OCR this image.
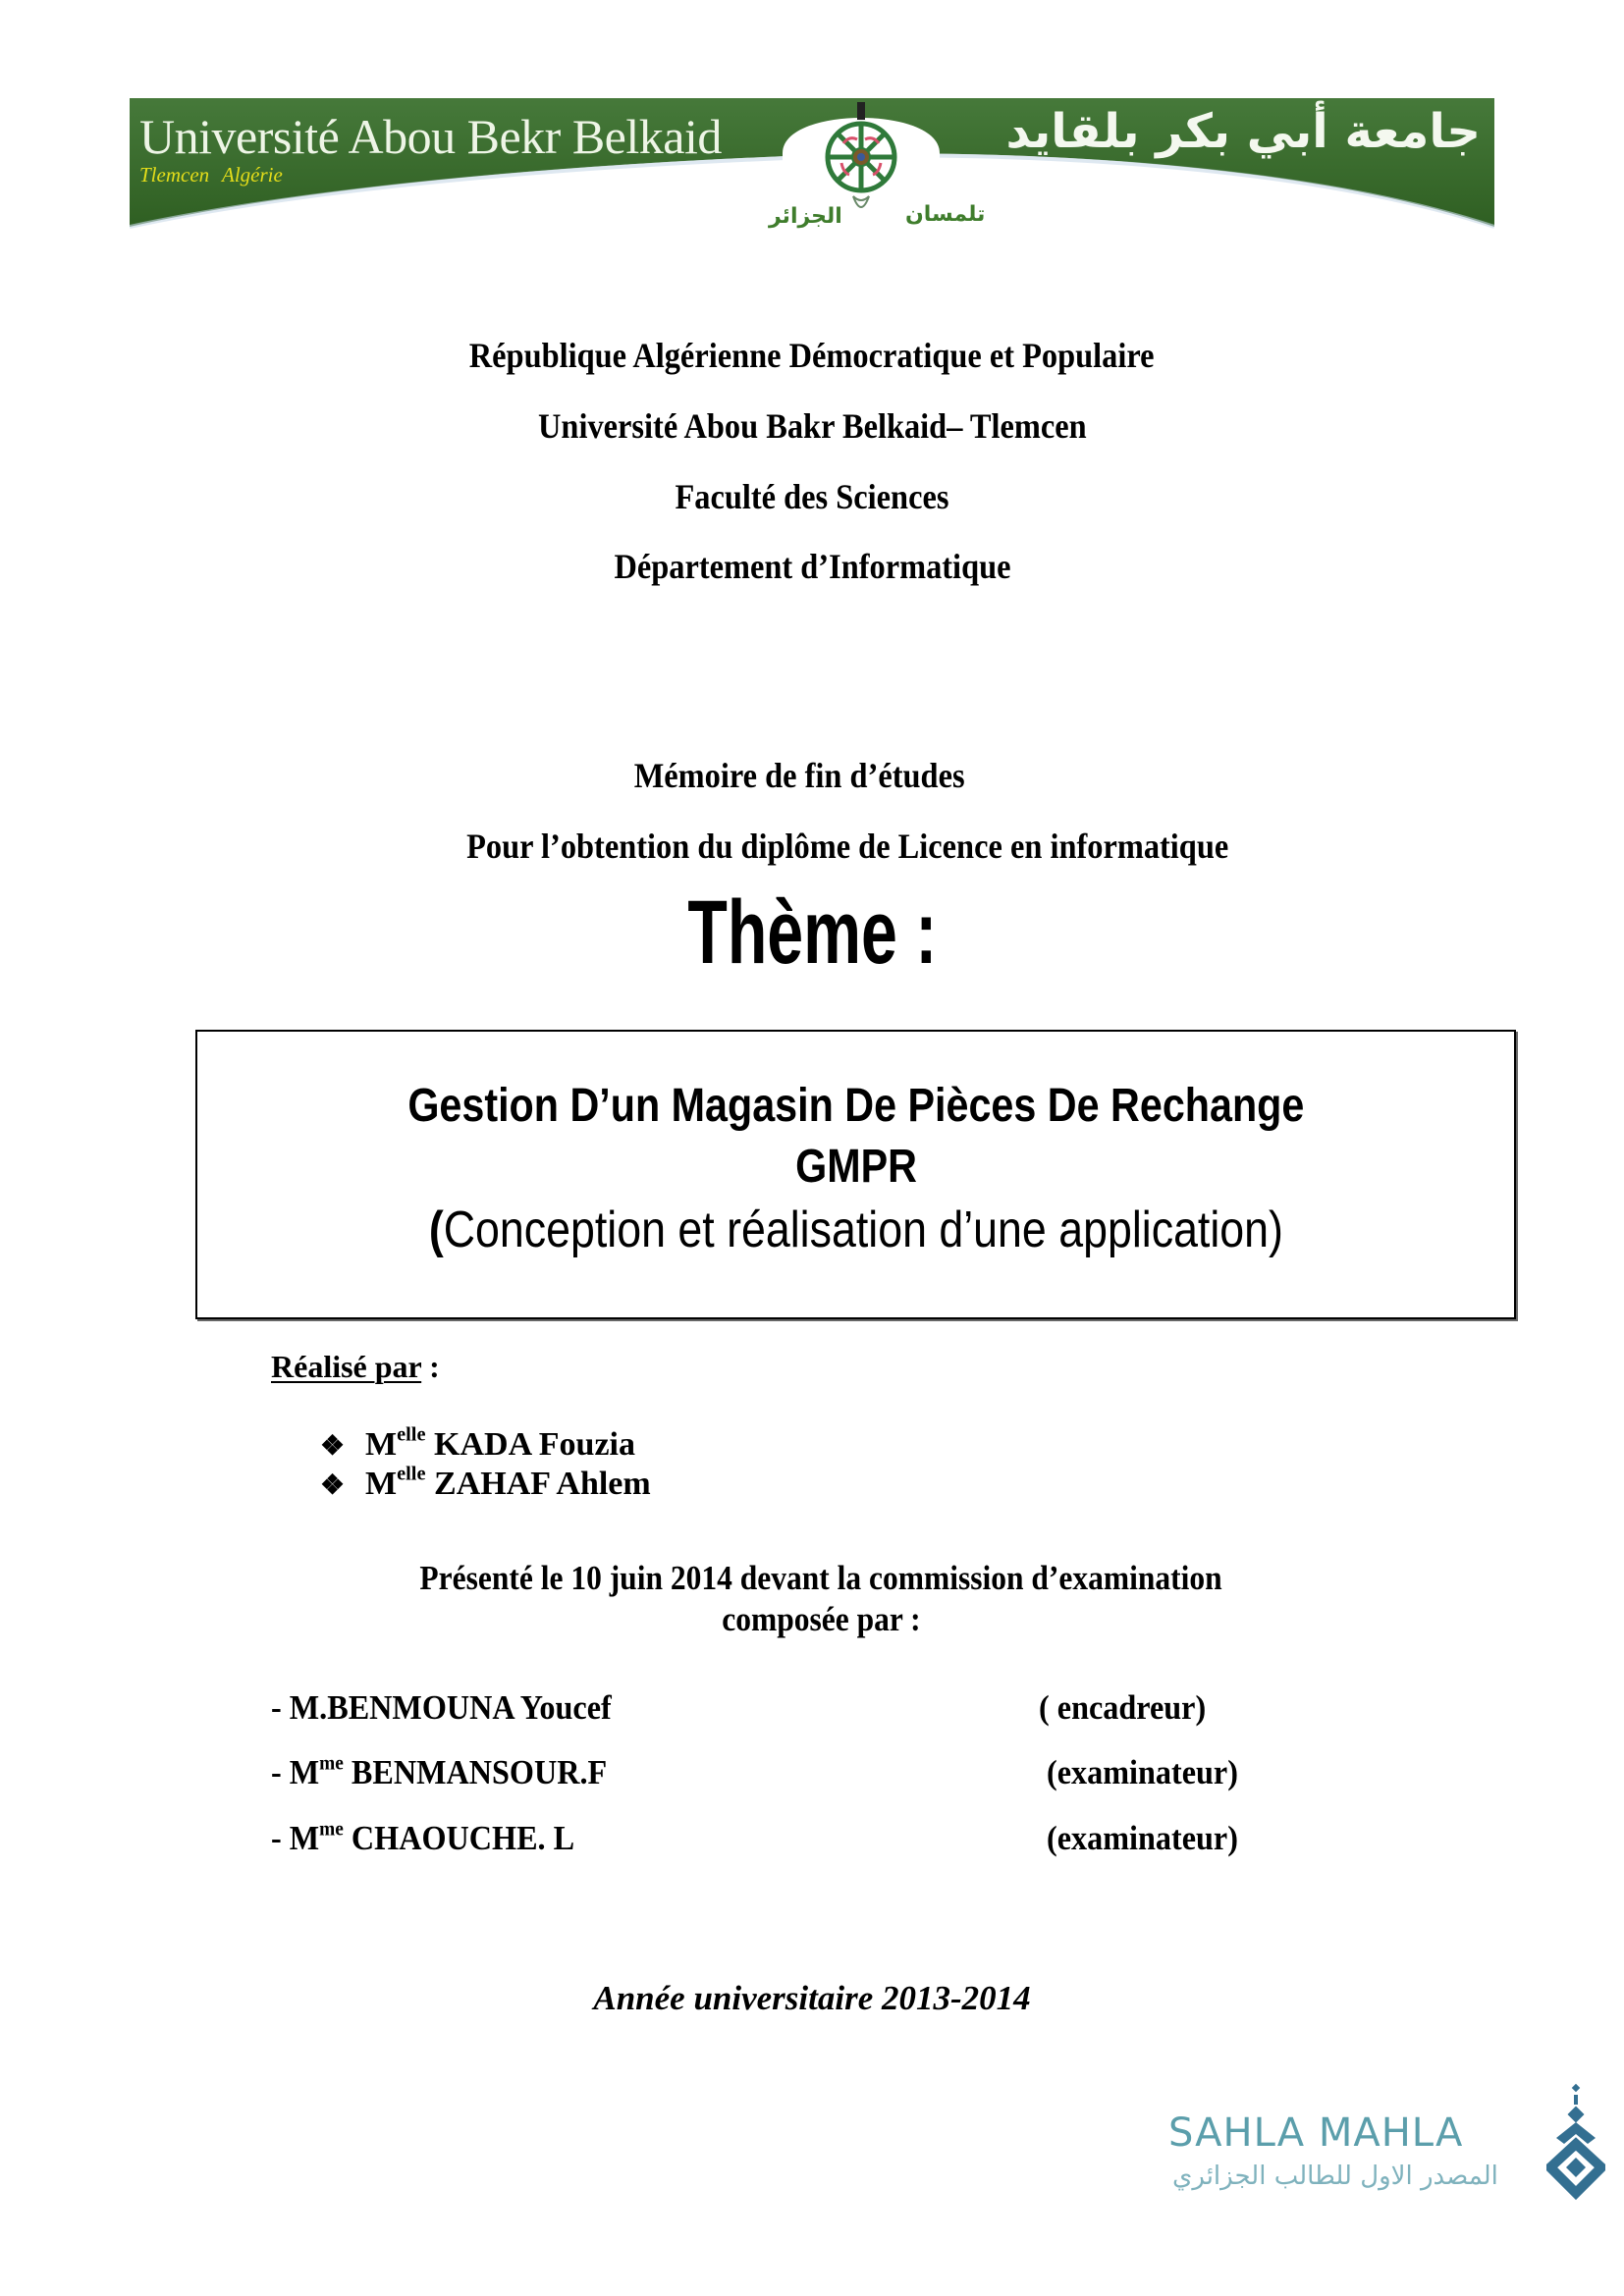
Université Abou Bekr Belkaid
Tlemcen Algérie
جامعة أبي بكر بلقايد
الجزائر	تلمسان
République Algérienne Démocratique et Populaire
Université Abou Bakr Belkaid– Tlemcen
Faculté des Sciences
Département d’Informatique
Mémoire de fin d’études
Pour l’obtention du diplôme de Licence en informatique
Thème :
Gestion D’un Magasin De Pièces De Rechange
GMPR
(Conception et réalisation d’une application)
Réalisé par :
❖ $M^{elle}$ KADA Fouzia
❖ $M^{elle}$ ZAHAF Ahlem
Présenté le 10 juin 2014 devant la commission d’examination
composée par :
- M.BENMOUNA Youcef	( encadreur)
- $M^{me}$ BENMANSOUR.F	(examinateur)
- $M^{me}$ CHAOUCHE. L	(examinateur)
Année universitaire 2013-2014
SAHLA MAHLA
المصدر الاول للطالب الجزائري
